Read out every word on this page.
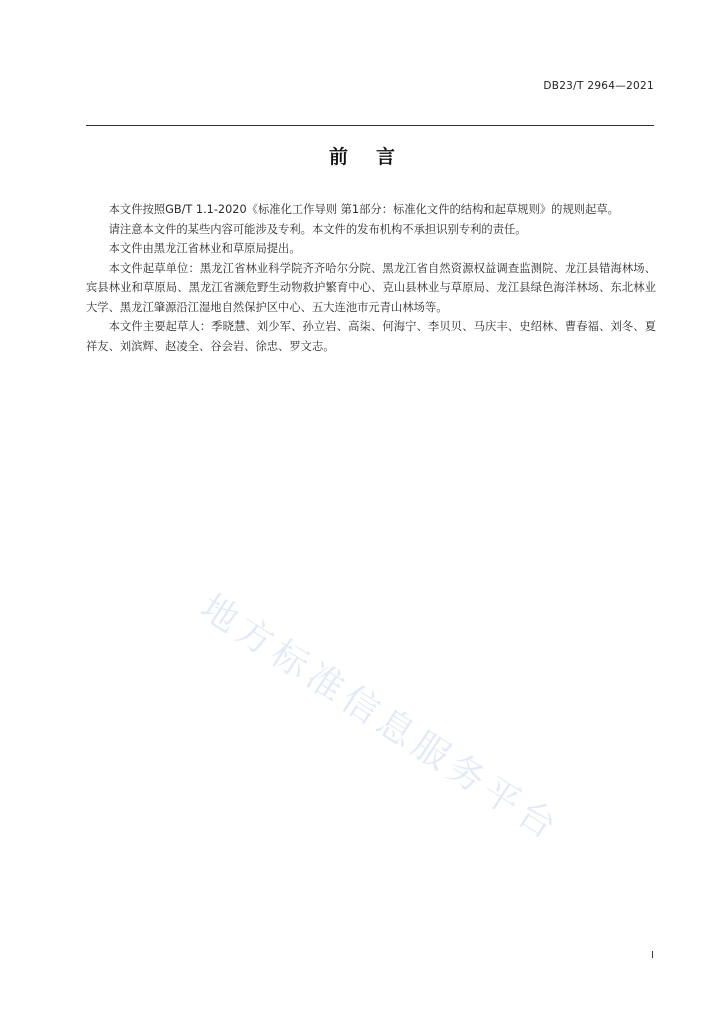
DB23/T 2964—2021
前言

本文件按照GB/T 1.1-2020《标准化工作导则 第1部分：标准化文件的结构和起草规则》的规则起草。

请注意本文件的某些内容可能涉及专利。本文件的发布机构不承担识别专利的责任。

本文件由黑龙江省林业和草原局提出。

本文件起草单位：黑龙江省林业科学院齐齐哈尔分院、黑龙江省自然资源权益调查监测院、龙江县错海林场、宾县林业和草原局、黑龙江省濒危野生动物救护繁育中心、克山县林业与草原局、龙江县绿色海洋林场、东北林业大学、黑龙江肇源沿江湿地自然保护区中心、五大连池市元青山林场等。

本文件主要起草人：季晓慧、刘少军、孙立岩、高柒、何海宁、李贝贝、马庆丰、史绍林、曹春福、刘冬、夏祥友、刘滨辉、赵凌全、谷会岩、徐忠、罗文志。

地方标准信息服务平台
I
